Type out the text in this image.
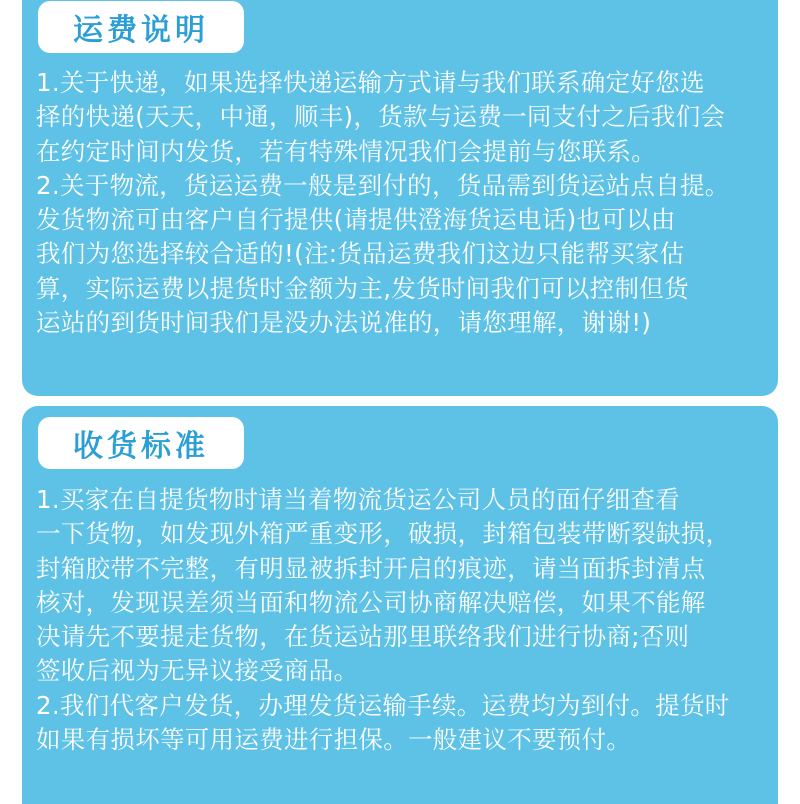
运费说明
1.关于快递，如果选择快递运输方式请与我们联系确定好您选
择的快递(天天，中通，顺丰)，货款与运费一同支付之后我们会
在约定时间内发货，若有特殊情况我们会提前与您联系。
2.关于物流，货运运费一般是到付的，货品需到货运站点自提。
发货物流可由客户自行提供(请提供澄海货运电话)也可以由
我们为您选择较合适的!(注:货品运费我们这边只能帮买家估
算，实际运费以提货时金额为主,发货时间我们可以控制但货
运站的到货时间我们是没办法说准的，请您理解，谢谢!)
收货标准
1.买家在自提货物时请当着物流货运公司人员的面仔细查看
一下货物，如发现外箱严重变形，破损，封箱包装带断裂缺损，
封箱胶带不完整，有明显被拆封开启的痕迹，请当面拆封清点
核对，发现误差须当面和物流公司协商解决赔偿，如果不能解
决请先不要提走货物，在货运站那里联络我们进行协商;否则
签收后视为无异议接受商品。
2.我们代客户发货，办理发货运输手续。运费均为到付。提货时
如果有损坏等可用运费进行担保。一般建议不要预付。
